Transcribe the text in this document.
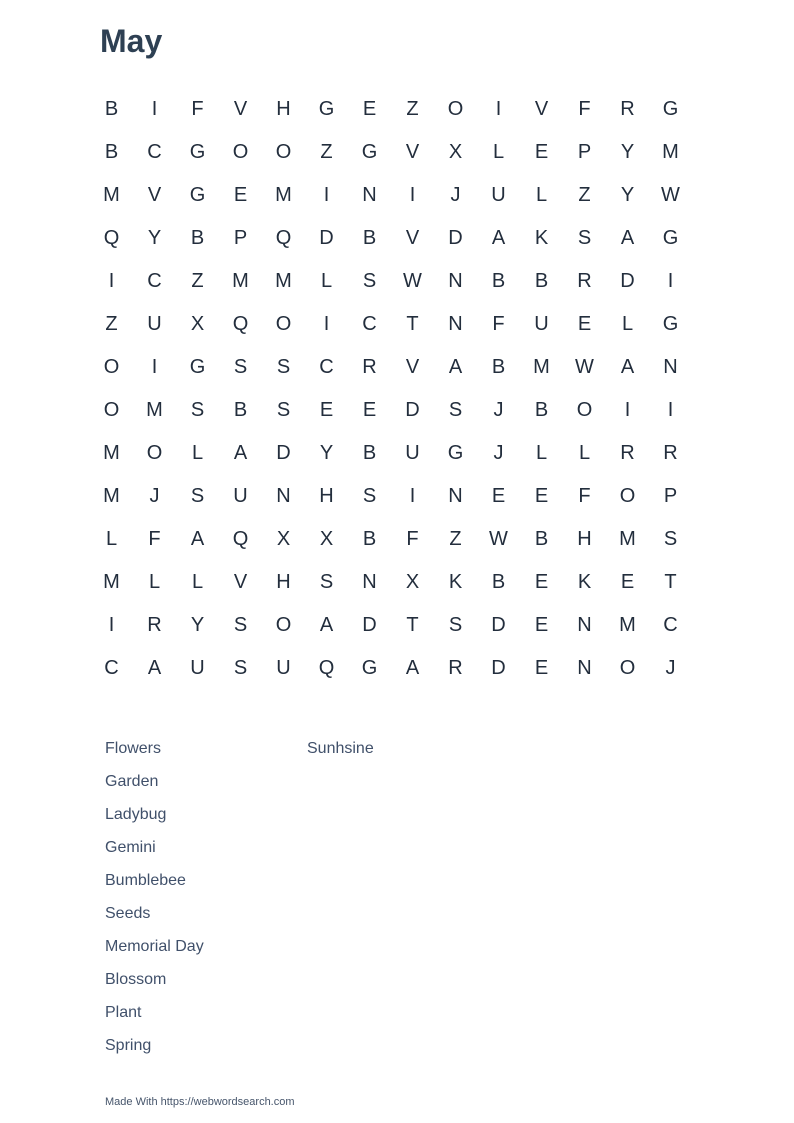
May
B	I	F	V	H	G	E	Z	O	I	V	F	R	G
B	C	G	O	O	Z	G	V	X	L	E	P	Y	M
M	V	G	E	M	I	N	I	J	U	L	Z	Y	W
Q	Y	B	P	Q	D	B	V	D	A	K	S	A	G
I	C	Z	M	M	L	S	W	N	B	B	R	D	I
Z	U	X	Q	O	I	C	T	N	F	U	E	L	G
O	I	G	S	S	C	R	V	A	B	M	W	A	N
O	M	S	B	S	E	E	D	S	J	B	O	I	I
M	O	L	A	D	Y	B	U	G	J	L	L	R	R
M	J	S	U	N	H	S	I	N	E	E	F	O	P
L	F	A	Q	X	X	B	F	Z	W	B	H	M	S
M	L	L	V	H	S	N	X	K	B	E	K	E	T
I	R	Y	S	O	A	D	T	S	D	E	N	M	C
C	A	U	S	U	Q	G	A	R	D	E	N	O	J
Flowers
Garden
Ladybug
Gemini
Bumblebee
Seeds
Memorial Day
Blossom
Plant
Spring
Sunhsine
Made With https://webwordsearch.com
